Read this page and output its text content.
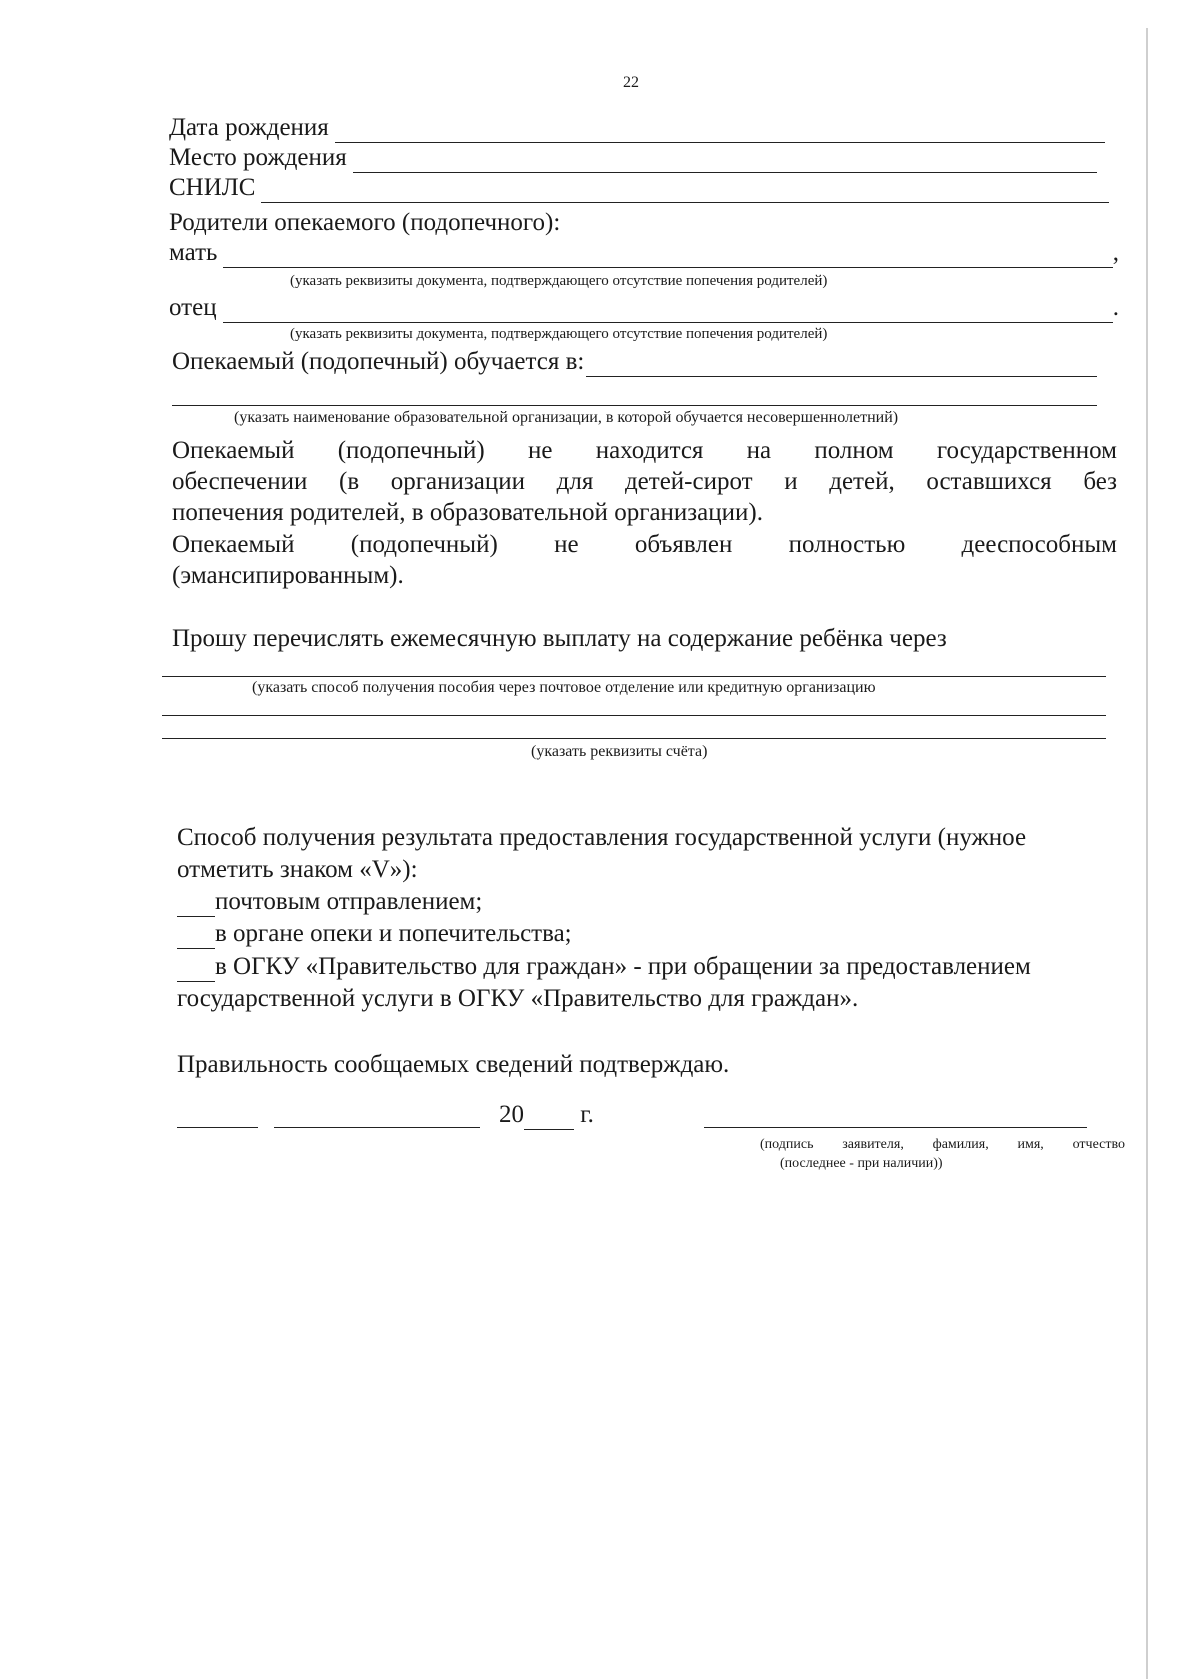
22
Дата рождения
Место рождения
СНИЛС
Родители опекаемого (подопечного):
мать	,
(указать реквизиты документа, подтверждающего отсутствие попечения родителей)
отец	.
(указать реквизиты документа, подтверждающего отсутствие попечения родителей)
Опекаемый (подопечный) обучается в:
(указать наименование образовательной организации, в которой обучается несовершеннолетний)
Опекаемый (подопечный) не находится на полном государственном
обеспечении (в организации для детей-сирот и детей, оставшихся без
попечения родителей, в образовательной организации).
Опекаемый (подопечный) не объявлен полностью дееспособным
(эмансипированным).
Прошу перечислять ежемесячную выплату на содержание ребёнка через
(указать способ получения пособия через почтовое отделение или кредитную организацию
(указать реквизиты счёта)
Способ получения результата предоставления государственной услуги (нужное
отметить знаком «V»):
почтовым отправлением;
в органе опеки и попечительства;
в ОГКУ «Правительство для граждан» - при обращении за предоставлением
государственной услуги в ОГКУ «Правительство для граждан».
Правильность сообщаемых сведений подтверждаю.
20 г.
(подпись заявителя, фамилия, имя, отчество
(последнее - при наличии))
